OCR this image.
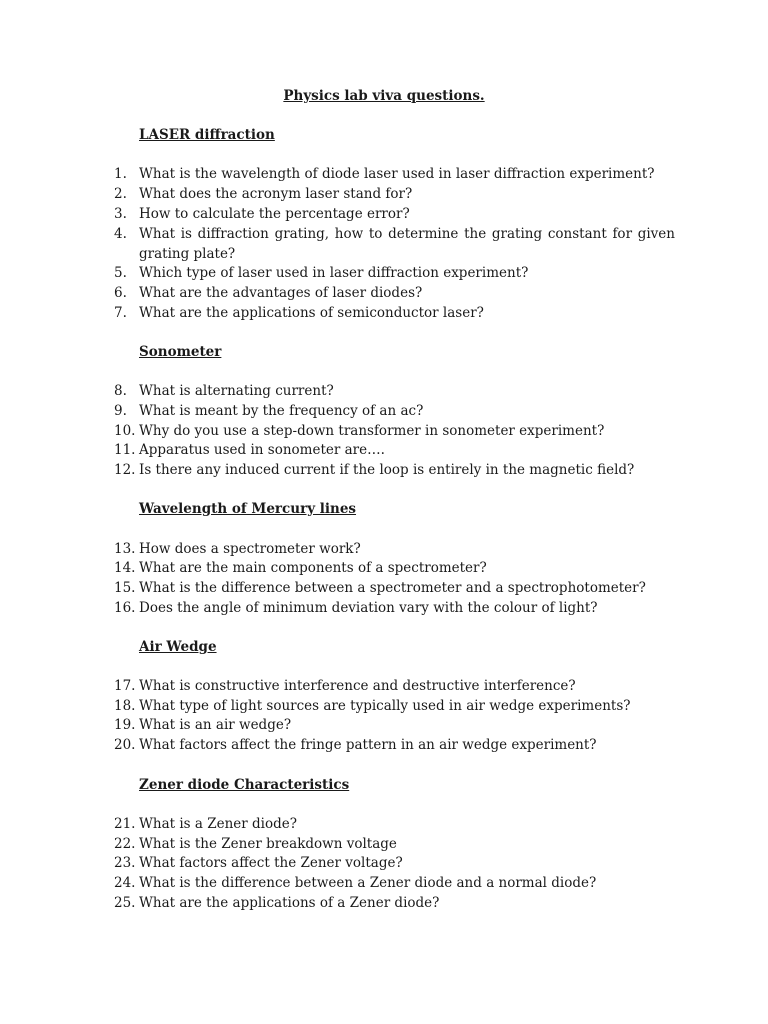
Physics lab viva questions.
LASER diffraction
1. What is the wavelength of diode laser used in laser diffraction experiment?
2. What does the acronym laser stand for?
3. How to calculate the percentage error?
4. What is diffraction grating, how to determine the grating constant for given grating plate?
5. Which type of laser used in laser diffraction experiment?
6. What are the advantages of laser diodes?
7. What are the applications of semiconductor laser?
Sonometer
8. What is alternating current?
9. What is meant by the frequency of an ac?
10. Why do you use a step-down transformer in sonometer experiment?
11. Apparatus used in sonometer are….
12. Is there any induced current if the loop is entirely in the magnetic field?
Wavelength of Mercury lines
13. How does a spectrometer work?
14. What are the main components of a spectrometer?
15. What is the difference between a spectrometer and a spectrophotometer?
16. Does the angle of minimum deviation vary with the colour of light?
Air Wedge
17. What is constructive interference and destructive interference?
18. What type of light sources are typically used in air wedge experiments?
19. What is an air wedge?
20. What factors affect the fringe pattern in an air wedge experiment?
Zener diode Characteristics
21. What is a Zener diode?
22. What is the Zener breakdown voltage
23. What factors affect the Zener voltage?
24. What is the difference between a Zener diode and a normal diode?
25. What are the applications of a Zener diode?
